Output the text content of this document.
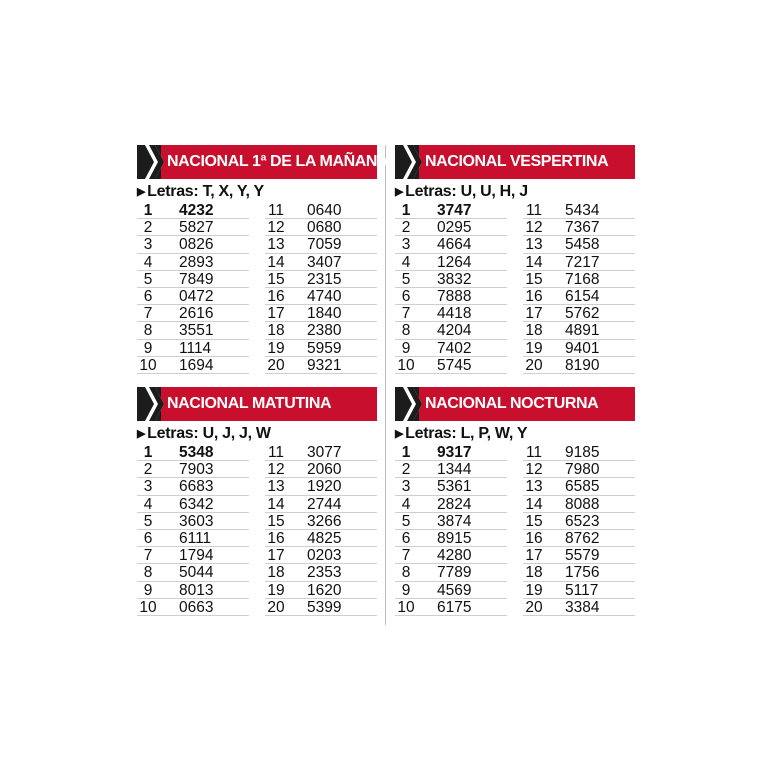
NACIONAL 1ª DE LA MAÑANA
▶ Letras: T, X, Y, Y
1	4232
2	5827
3	0826
4	2893
5	7849
6	0472
7	2616
8	3551
9	1114
10	1694
11	0640
12	0680
13	7059
14	3407
15	2315
16	4740
17	1840
18	2380
19	5959
20	9321
NACIONAL VESPERTINA
▶ Letras: U, U, H, J
1	3747
2	0295
3	4664
4	1264
5	3832
6	7888
7	4418
8	4204
9	7402
10	5745
11	5434
12	7367
13	5458
14	7217
15	7168
16	6154
17	5762
18	4891
19	9401
20	8190
NACIONAL MATUTINA
▶ Letras: U, J, J, W
1	5348
2	7903
3	6683
4	6342
5	3603
6	6111
7	1794
8	5044
9	8013
10	0663
11	3077
12	2060
13	1920
14	2744
15	3266
16	4825
17	0203
18	2353
19	1620
20	5399
NACIONAL NOCTURNA
▶ Letras: L, P, W, Y
1	9317
2	1344
3	5361
4	2824
5	3874
6	8915
7	4280
8	7789
9	4569
10	6175
11	9185
12	7980
13	6585
14	8088
15	6523
16	8762
17	5579
18	1756
19	5117
20	3384
